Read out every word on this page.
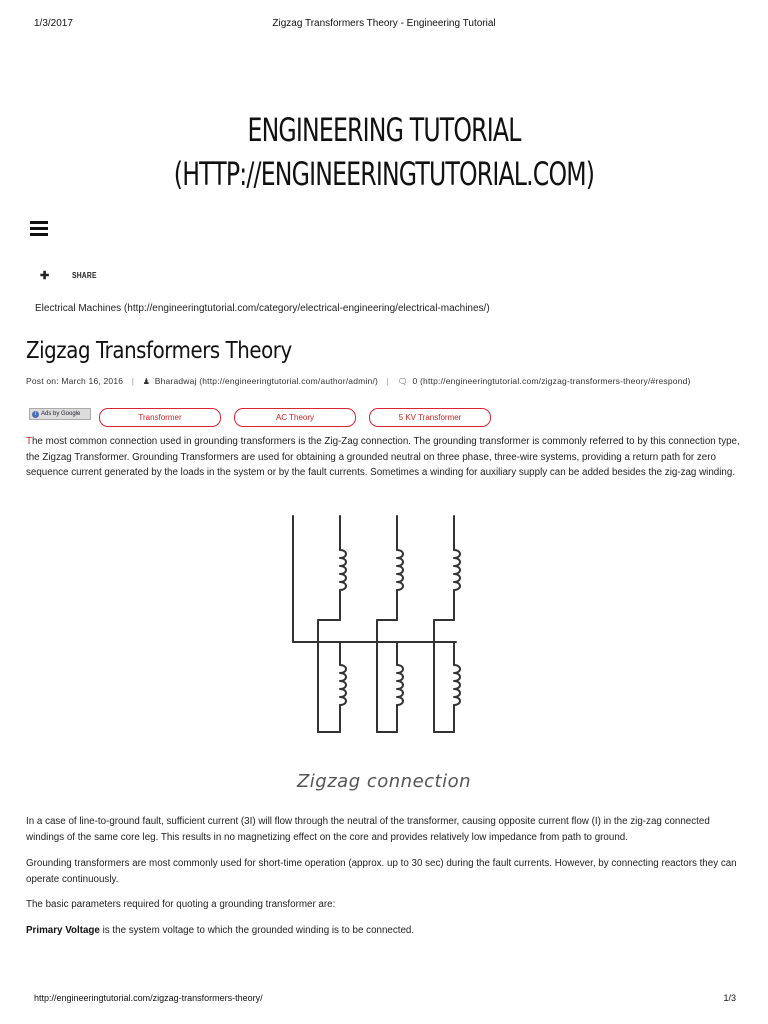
1/3/2017	Zigzag Transformers Theory - Engineering Tutorial
ENGINEERING TUTORIAL
(HTTP://ENGINEERINGTUTORIAL.COM)
✚	SHARE
Electrical Machines (http://engineeringtutorial.com/category/electrical-engineering/electrical-machines/)
Zigzag Transformers Theory
Post on: March 16, 2016 | ♟ Bharadwaj (http://engineeringtutorial.com/author/admin/) | 🗨 0 (http://engineeringtutorial.com/zigzag-transformers-theory/#respond)
i Ads by Google	Transformer	AC Theory	5 KV Transformer

The most common connection used in grounding transformers is the Zig-Zag connection. The grounding transformer is commonly referred to by this connection type, the Zigzag Transformer. Grounding Transformers are used for obtaining a grounded neutral on three phase, three-wire systems, providing a return path for zero sequence current generated by the loads in the system or by the fault currents. Sometimes a winding for auxiliary supply can be added besides the zig-zag winding.

Zigzag connection

In a case of line-to-ground fault, sufficient current (3I) will flow through the neutral of the transformer, causing opposite current flow (I) in the zig-zag connected windings of the same core leg. This results in no magnetizing effect on the core and provides relatively low impedance from path to ground.

Grounding transformers are most commonly used for short-time operation (approx. up to 30 sec) during the fault currents. However, by connecting reactors they can operate continuously.

The basic parameters required for quoting a grounding transformer are:

Primary Voltage is the system voltage to which the grounded winding is to be connected.

http://engineeringtutorial.com/zigzag-transformers-theory/	1/3
